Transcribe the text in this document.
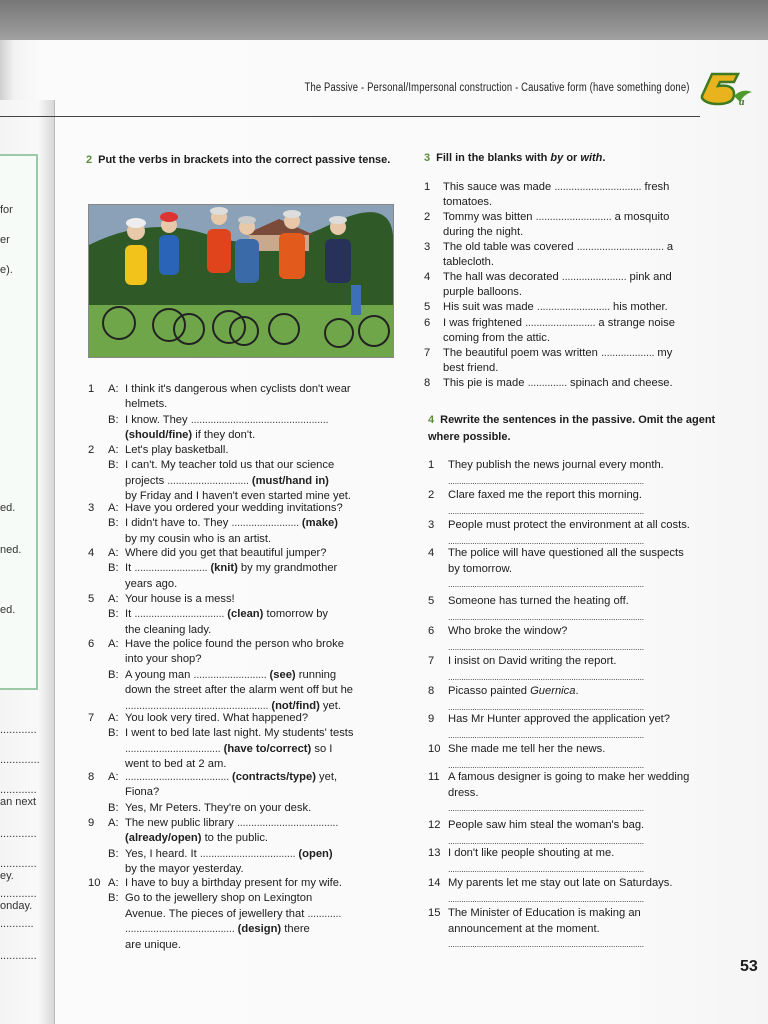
for
er
e).
ed.
ned.
ed.
............
.............
............
an next
............
............
ey.
............
onday.
...........
............
The Passive - Personal/Impersonal construction - Causative form (have something done)
a
2 Put the verbs in brackets into the correct passive tense.
1 A: I think it's dangerous when cyclists don't wear
helmets.
B: I know. They .................................................
(should/fine) if they don't.
2 A: Let's play basketball.
B: I can't. My teacher told us that our science
projects ............................. (must/hand in)
by Friday and I haven't even started mine yet.
3 A: Have you ordered your wedding invitations?
B: I didn't have to. They ........................ (make)
by my cousin who is an artist.
4 A: Where did you get that beautiful jumper?
B: It .......................... (knit) by my grandmother
years ago.
5 A: Your house is a mess!
B: It ................................ (clean) tomorrow by
the cleaning lady.
6 A: Have the police found the person who broke
into your shop?
B: A young man .......................... (see) running
down the street after the alarm went off but he
................................................... (not/find) yet.
7 A: You look very tired. What happened?
B: I went to bed late last night. My students' tests
.................................. (have to/correct) so I
went to bed at 2 am.
8 A: ..................................... (contracts/type) yet,
Fiona?
B: Yes, Mr Peters. They're on your desk.
9 A: The new public library ....................................
(already/open) to the public.
B: Yes, I heard. It .................................. (open)
by the mayor yesterday.
10 A: I have to buy a birthday present for my wife.
B: Go to the jewellery shop on Lexington
Avenue. The pieces of jewellery that ............
....................................... (design) there
are unique.
3 Fill in the blanks with by or with.
1 This sauce was made ............................... fresh
tomatoes.
2 Tommy was bitten ........................... a mosquito
during the night.
3 The old table was covered ............................... a
tablecloth.
4 The hall was decorated ....................... pink and
purple balloons.
5 His suit was made .......................... his mother.
6 I was frightened ......................... a strange noise
coming from the attic.
7 The beautiful poem was written ................... my
best friend.
8 This pie is made .............. spinach and cheese.
4 Rewrite the sentences in the passive. Omit the agent where possible.
1 They publish the news journal every month.
.........................................................................................
2 Clare faxed me the report this morning.
.........................................................................................
3 People must protect the environment at all costs.
.........................................................................................
4 The police will have questioned all the suspects
by tomorrow.
.........................................................................................
5 Someone has turned the heating off.
.........................................................................................
6 Who broke the window?
.........................................................................................
7 I insist on David writing the report.
.........................................................................................
8 Picasso painted Guernica.
.........................................................................................
9 Has Mr Hunter approved the application yet?
.........................................................................................
10 She made me tell her the news.
.........................................................................................
11 A famous designer is going to make her wedding
dress.
.........................................................................................
12 People saw him steal the woman's bag.
.........................................................................................
13 I don't like people shouting at me.
.........................................................................................
14 My parents let me stay out late on Saturdays.
.........................................................................................
15 The Minister of Education is making an
announcement at the moment.
.........................................................................................
53
